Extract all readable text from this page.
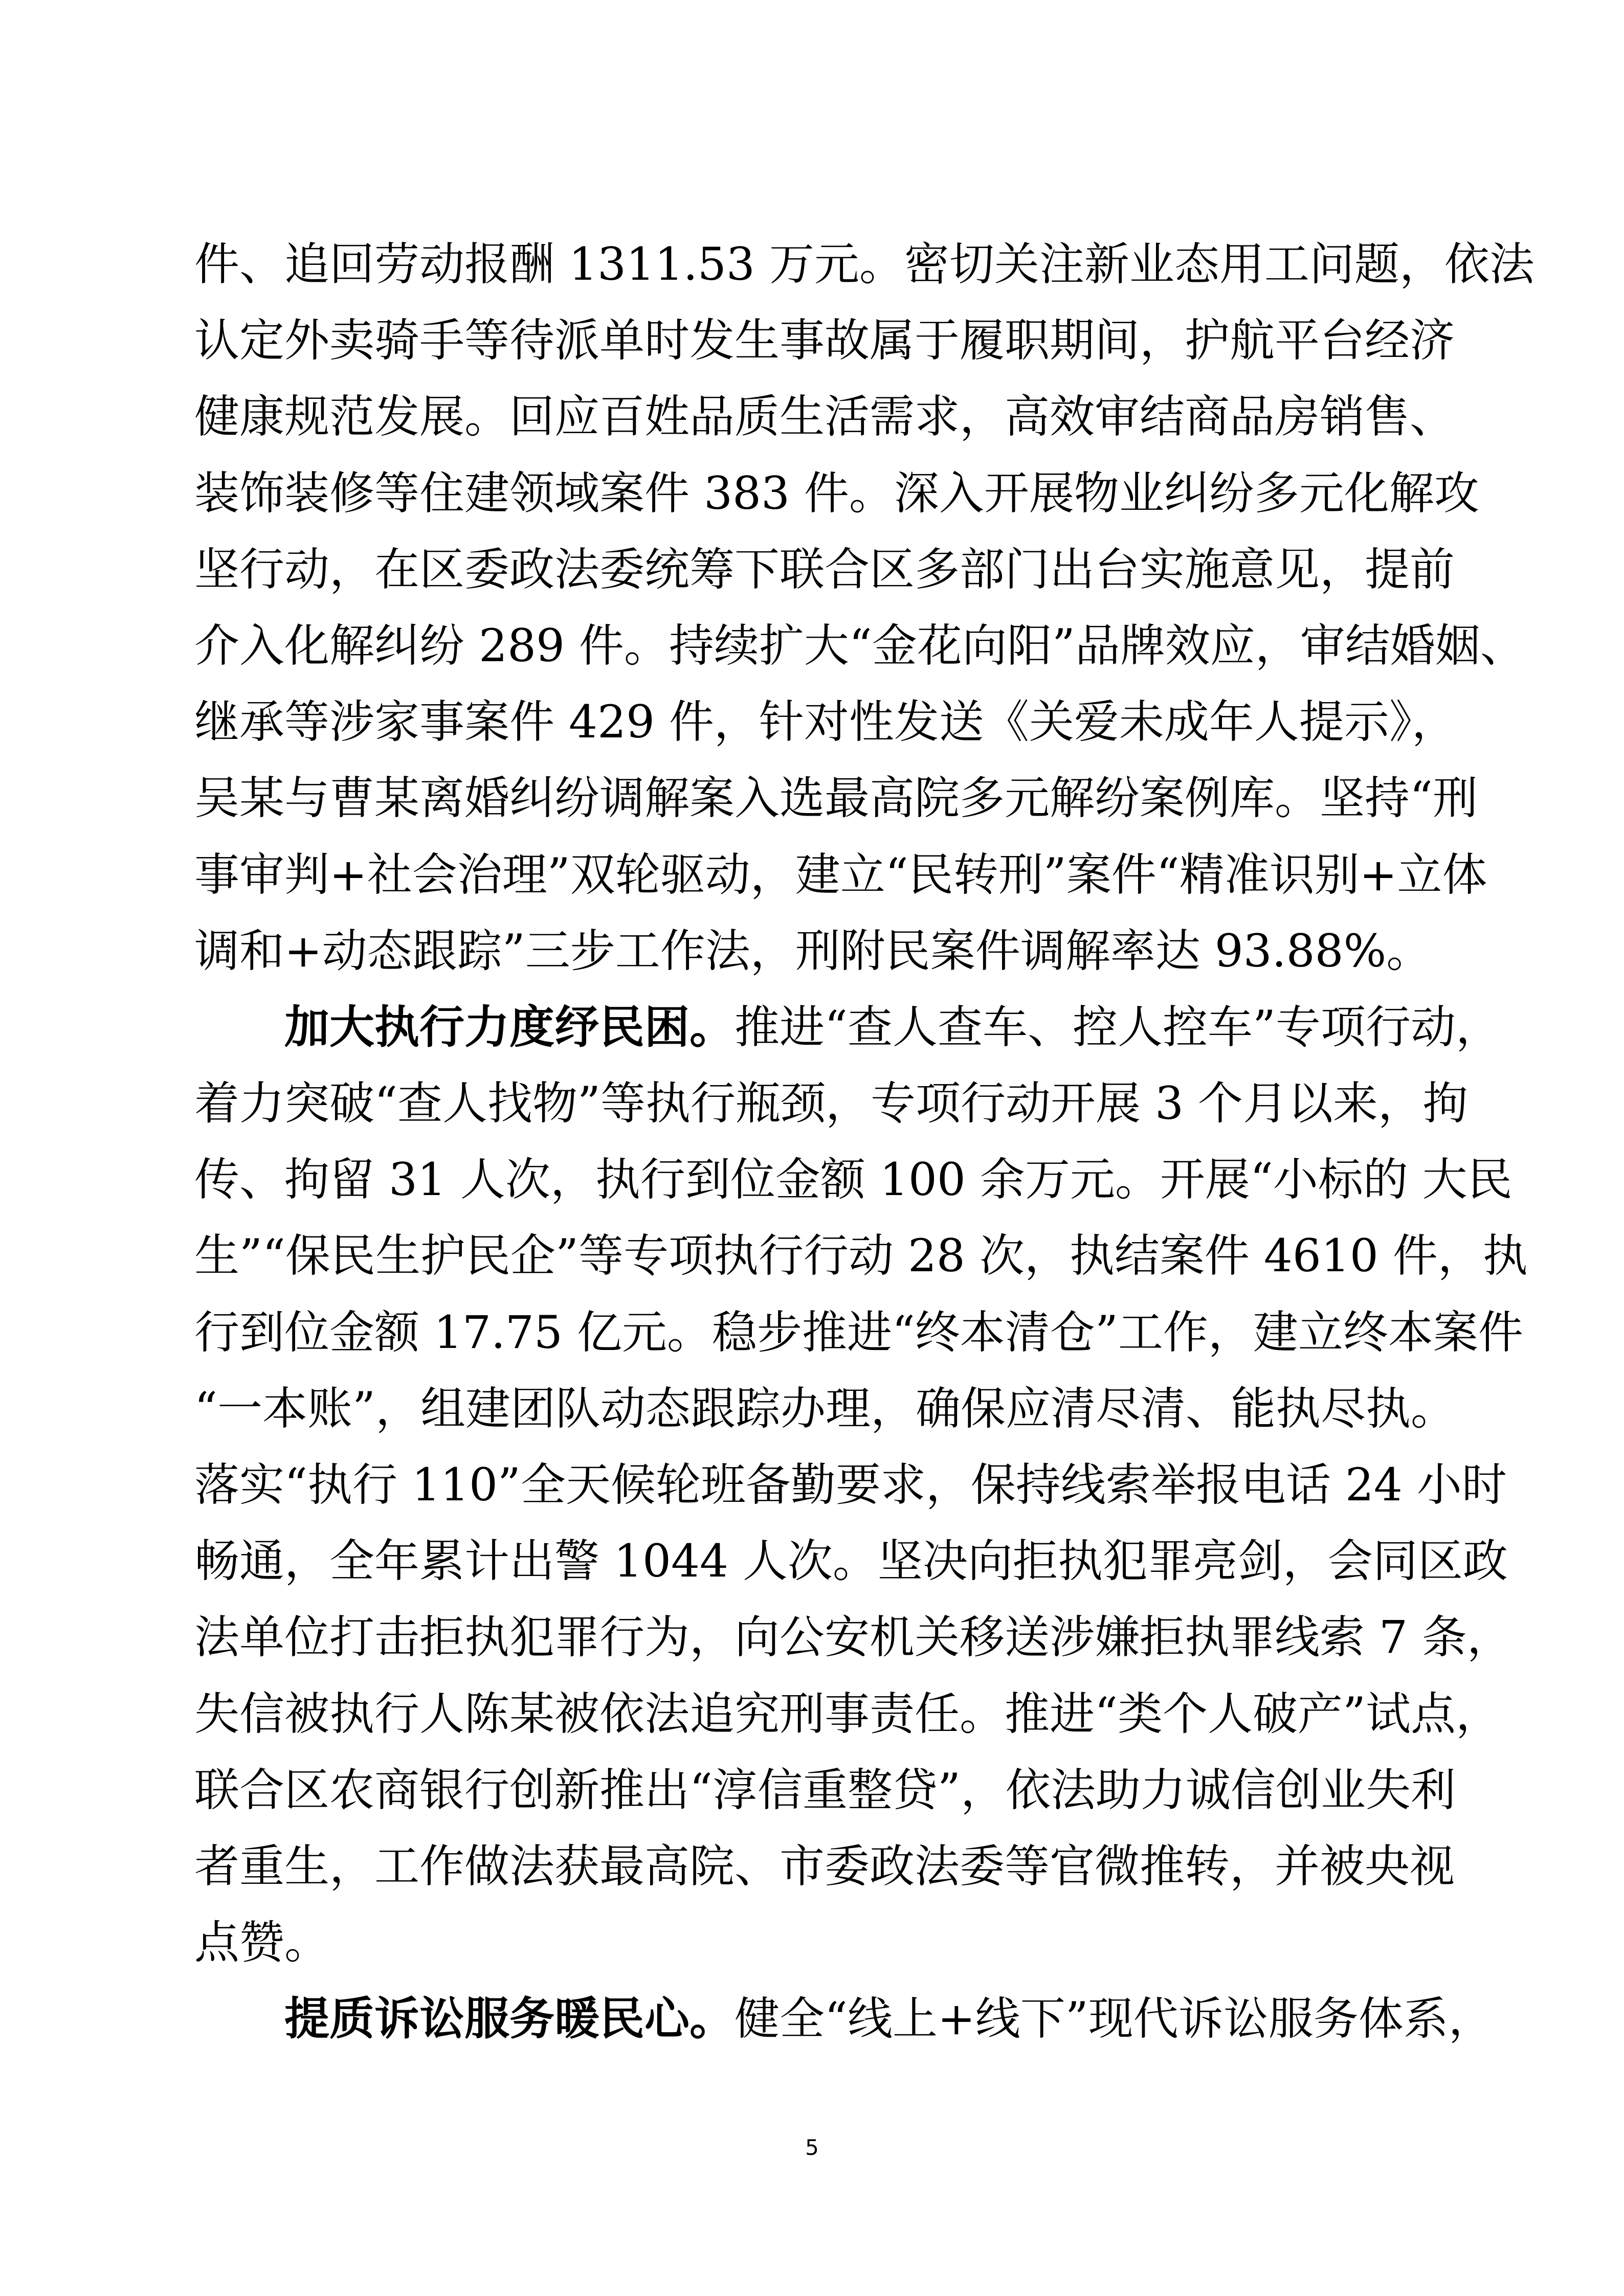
件、追回劳动报酬 1311.53 万元。密切关注新业态用工问题，依法
认定外卖骑手等待派单时发生事故属于履职期间，护航平台经济
健康规范发展。回应百姓品质生活需求，高效审结商品房销售、
装饰装修等住建领域案件 383 件。深入开展物业纠纷多元化解攻
坚行动，在区委政法委统筹下联合区多部门出台实施意见，提前
介入化解纠纷 289 件。持续扩大“金花向阳”品牌效应，审结婚姻、
继承等涉家事案件 429 件，针对性发送《关爱未成年人提示》，
吴某与曹某离婚纠纷调解案入选最高院多元解纷案例库。坚持“刑
事审判+社会治理”双轮驱动，建立“民转刑”案件“精准识别+立体
调和+动态跟踪”三步工作法，刑附民案件调解率达 93.88%。
加大执行力度纾民困。推进“查人查车、控人控车”专项行动，
着力突破“查人找物”等执行瓶颈，专项行动开展 3 个月以来，拘
传、拘留 31 人次，执行到位金额 100 余万元。开展“小标的 大民
生”“保民生护民企”等专项执行行动 28 次，执结案件 4610 件，执
行到位金额 17.75 亿元。稳步推进“终本清仓”工作，建立终本案件
“一本账”，组建团队动态跟踪办理，确保应清尽清、能执尽执。
落实“执行 110”全天候轮班备勤要求，保持线索举报电话 24 小时
畅通，全年累计出警 1044 人次。坚决向拒执犯罪亮剑，会同区政
法单位打击拒执犯罪行为，向公安机关移送涉嫌拒执罪线索 7 条，
失信被执行人陈某被依法追究刑事责任。推进“类个人破产”试点，
联合区农商银行创新推出“淳信重整贷”，依法助力诚信创业失利
者重生，工作做法获最高院、市委政法委等官微推转，并被央视
点赞。
提质诉讼服务暖民心。健全“线上+线下”现代诉讼服务体系，
5
